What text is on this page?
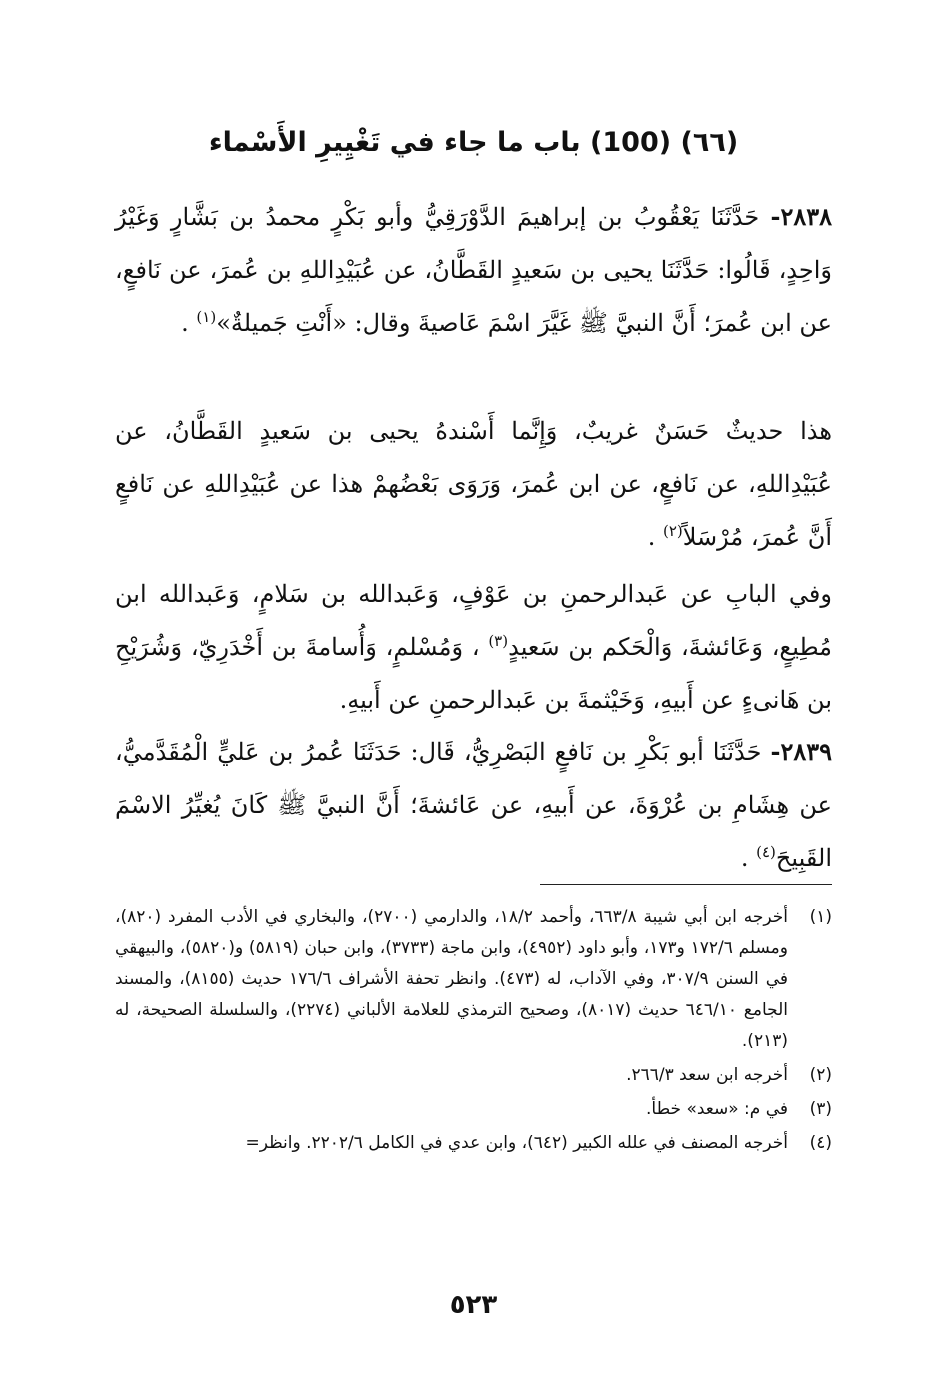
(٦٦) (100) باب ما جاء في تَغْيِيرِ الأَسْماء

٢٨٣٨- حَدَّثَنَا يَعْقُوبُ بن إبراهيمَ الدَّوْرَقِيُّ وأبو بَكْرٍ محمدُ بن بَشَّارٍ وَغَيْرُ وَاحِدٍ، قَالُوا: حَدَّثَنَا يحيى بن سَعيدٍ القَطَّانُ، عن عُبَيْدِاللهِ بن عُمرَ، عن نَافعٍ، عن ابن عُمرَ؛ أَنَّ النبيَّ ﷺ غَيَّرَ اسْمَ عَاصيةَ وقال: «أَنْتِ جَميلةٌ»$^{(١)}$ .

هذا حديثٌ حَسَنٌ غريبٌ، وَإِنَّما أَسْندهُ يحيى بن سَعيدٍ القَطَّانُ، عن عُبَيْدِاللهِ، عن نَافعٍ، عن ابن عُمرَ، وَرَوَى بَعْضُهمْ هذا عن عُبَيْدِاللهِ عن نَافعٍ أَنَّ عُمرَ، مُرْسَلاً$^{(٢)}$ .

وفي البابِ عن عَبدالرحمنِ بن عَوْفٍ، وَعَبدالله بن سَلامٍ، وَعَبدالله ابن مُطِيعٍ، وَعَائشةَ، وَالْحَكم بن سَعيدٍ$^{(٣)}$ ، وَمُسْلمٍ، وَأُسامةَ بن أَخْدَرِيّ، وَشُرَيْحِ بن هَانىءٍ عن أَبيهِ، وَخَيْثمةَ بن عَبدالرحمنِ عن أَبيهِ.

٢٨٣٩- حَدَّثَنَا أبو بَكْرِ بن نَافعٍ البَصْرِيُّ، قَال: حَدَثَنَا عُمرُ بن عَليٍّ الْمُقَدَّميُّ، عن هِشَامِ بن عُرْوَةَ، عن أَبيهِ، عن عَائشةَ؛ أَنَّ النبيَّ ﷺ كَانَ يُغيِّرُ الاسْمَ القَبِيحَ$^{(٤)}$ .

(١)
أخرجه ابن أبي شيبة ٦٦٣/٨، وأحمد ١٨/٢، والدارمي (٢٧٠٠)، والبخاري في الأدب المفرد (٨٢٠)، ومسلم ١٧٢/٦ و١٧٣، وأبو داود (٤٩٥٢)، وابن ماجة (٣٧٣٣)، وابن حبان (٥٨١٩) و(٥٨٢٠)، والبيهقي في السنن ٣٠٧/٩، وفي الآداب، له (٤٧٣). وانظر تحفة الأشراف ١٧٦/٦ حديث (٨١٥٥)، والمسند الجامع ٦٤٦/١٠ حديث (٨٠١٧)، وصحيح الترمذي للعلامة الألباني (٢٢٧٤)، والسلسلة الصحيحة، له (٢١٣).
(٢)
أخرجه ابن سعد ٢٦٦/٣.
(٣)
في م: «سعد» خطأ.
(٤)
أخرجه المصنف في علله الكبير (٦٤٢)، وابن عدي في الكامل ٢٢٠٢/٦. وانظر=
٥٢٣
